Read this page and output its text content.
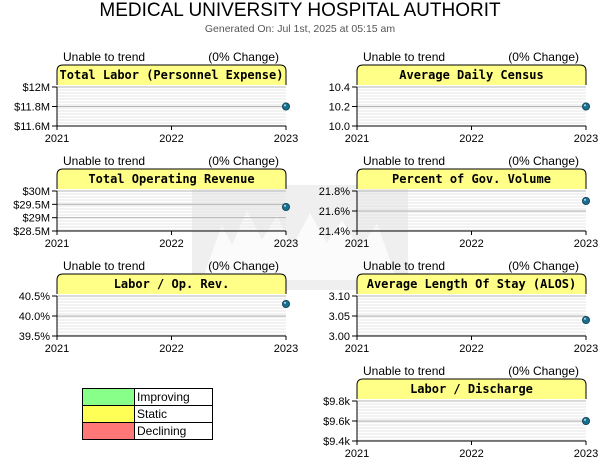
MEDICAL UNIVERSITY HOSPITAL AUTHORIT
Generated On: Jul 1st, 2025 at 05:15 am
Unable to trend	(0% Change)
$12M
$11.8M
$11.6M
2021	2022	2023
Total Labor (Personnel Expense)
Unable to trend	(0% Change)
10.4
10.2
10.0
2021	2022	2023
Average Daily Census
Unable to trend	(0% Change)
$30M
$29.5M
$29M
$28.5M
2021	2022	2023
Total Operating Revenue
Unable to trend	(0% Change)
21.8%
21.6%
21.4%
2021	2022	2023
Percent of Gov. Volume
Unable to trend	(0% Change)
40.5%
40.0%
39.5%
2021	2022	2023
Labor / Op. Rev.
Unable to trend	(0% Change)
3.10
3.05
3.00
2021	2022	2023
Average Length Of Stay (ALOS)
Unable to trend	(0% Change)
$9.8k
$9.6k
$9.4k
2021	2022	2023
Labor / Discharge
	Improving
	Static
	Declining
